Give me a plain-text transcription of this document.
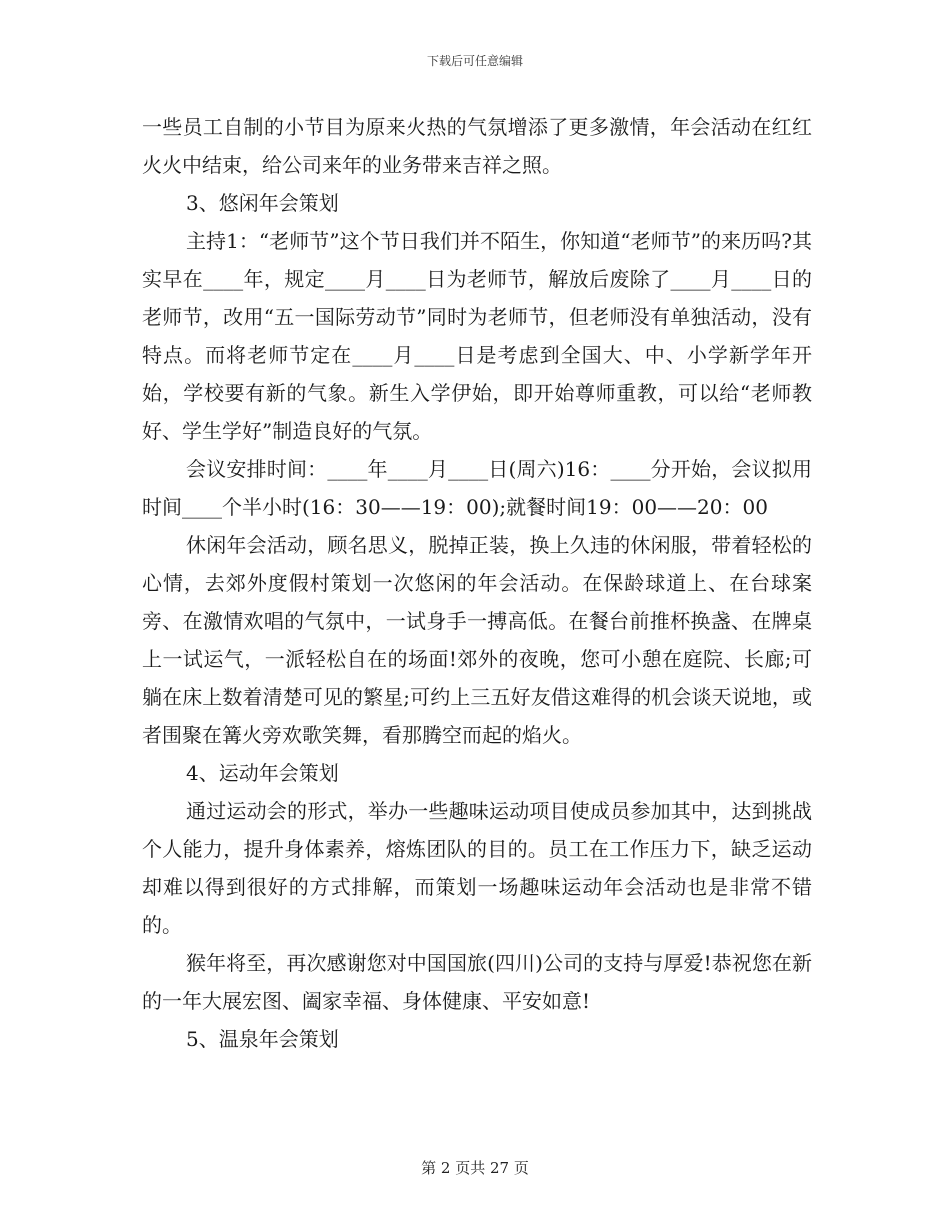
下载后可任意编辑

一些员工自制的小节目为原来火热的气氛增添了更多激情，年会活动在红红火火中结束，给公司来年的业务带来吉祥之照。

3、悠闲年会策划

主持1：“老师节”这个节日我们并不陌生，你知道“老师节”的来历吗?其实早在____年，规定____月____日为老师节，解放后废除了____月____日的老师节，改用“五一国际劳动节”同时为老师节，但老师没有单独活动，没有特点。而将老师节定在____月____日是考虑到全国大、中、小学新学年开始，学校要有新的气象。新生入学伊始，即开始尊师重教，可以给“老师教好、学生学好”制造良好的气氛。

会议安排时间：____年____月____日(周六)16：____分开始，会议拟用时间____个半小时(16：30——19：00);就餐时间19：00——20：00

休闲年会活动，顾名思义，脱掉正装，换上久违的休闲服，带着轻松的心情，去郊外度假村策划一次悠闲的年会活动。在保龄球道上、在台球案旁、在激情欢唱的气氛中，一试身手一搏高低。在餐台前推杯换盏、在牌桌上一试运气，一派轻松自在的场面!郊外的夜晚，您可小憩在庭院、长廊;可躺在床上数着清楚可见的繁星;可约上三五好友借这难得的机会谈天说地，或者围聚在篝火旁欢歌笑舞，看那腾空而起的焰火。

4、运动年会策划

通过运动会的形式，举办一些趣味运动项目使成员参加其中，达到挑战个人能力，提升身体素养，熔炼团队的目的。员工在工作压力下，缺乏运动却难以得到很好的方式排解，而策划一场趣味运动年会活动也是非常不错的。

猴年将至，再次感谢您对中国国旅(四川)公司的支持与厚爱!恭祝您在新的一年大展宏图、阖家幸福、身体健康、平安如意!

5、温泉年会策划

第 2 页共 27 页
